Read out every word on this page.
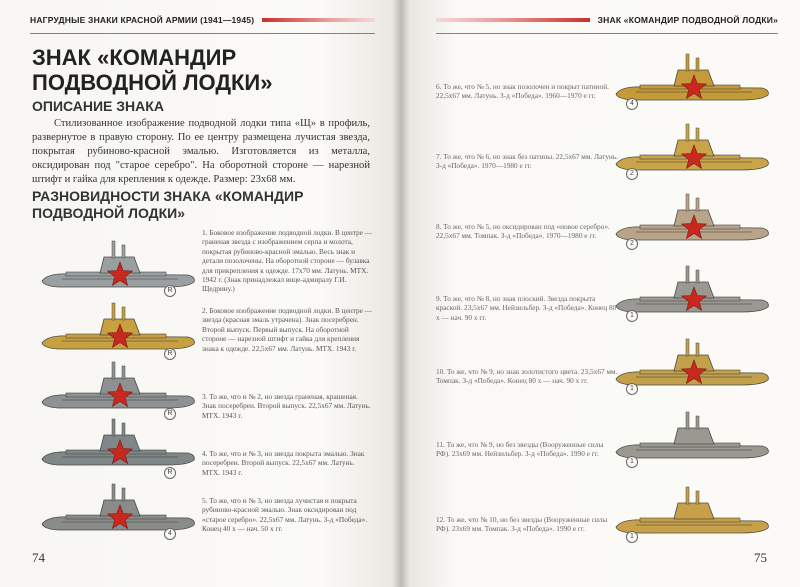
НАГРУДНЫЕ ЗНАКИ КРАСНОЙ АРМИИ (1941—1945)
ЗНАК «КОМАНДИР
ПОДВОДНОЙ ЛОДКИ»
ОПИСАНИЕ ЗНАКА
Стилизованное изображение подводной лодки типа «Щ» в профиль, развернутое в правую сторону. По ее центру размещена лучистая звезда, покрытая рубиново-красной эмалью. Изготовляется из металла, оксидирован под "старое серебро". На оборотной стороне — нарезной штифт и гайка для крепления к одежде. Размер: 23x68 мм.
РАЗНОВИДНОСТИ ЗНАКА «КОМАНДИР
ПОДВОДНОЙ ЛОДКИ»
R
1. Боковое изображение подводной лодки. В центре — граненая звезда с изображением серпа и молота, покрытая рубиново-красной эмалью. Весь знак и детали позолочены. На оборотной стороне — булавка для прикрепления к одежде. 17x70 мм. Латунь. МТХ. 1942 г. (Знак принадлежал вице-адмиралу Г.И. Щедрину.)
R
2. Боковое изображение подводной лодки. В центре — звезда (красная эмаль утрачена). Знак посеребрен. Второй выпуск. Первый выпуск. На оборотной стороне — нарезной штифт и гайка для крепления знака к одежде. 22,5x67 мм. Латунь. МТХ. 1943 г.
R
3. То же, что и № 2, но звезда граненая, крашеная. Знак посеребрен. Второй выпуск. 22,5x67 мм. Латунь. МТХ. 1943 г.
R
4. То же, что и № 3, но звезда покрыта эмалью. Знак посеребрен. Второй выпуск. 22,5x67 мм. Латунь. МТХ. 1943 г.
4
5. То же, что и № 3, но звезда лучистая и покрыта рубиново-красной эмалью. Знак оксидирован под «старое серебро». 22,5x67 мм. Латунь. З-д «Победа». Конец 40 х — нач. 50 х гг.
74
ЗНАК «КОМАНДИР ПОДВОДНОЙ ЛОДКИ»
4
6. То же, что № 5, но знак позолочен и покрыт патиной. 22,5x67 мм. Латунь. З-д «Победа». 1960—1970 е гг.
2
7. То же, что № 6, но знак без патины. 22,5x67 мм. Латунь. З-д «Победа». 1970—1980 е гг.
2
8. То же, что № 5, но оксидирован под «новое серебро». 22,5x67 мм. Томпак. З-д «Победа». 1970—1980 е гг.
1
9. То же, что № 8, но знак плоский. Звезда покрыта краской. 23,5x67 мм. Нейзильбер. З-д «Победа». Конец 80 х — нач. 90 х гг.
1
10. То же, что № 9, но знак золотистого цвета. 23,5x67 мм. Томпак. З-д «Победа». Конец 80 х — нач. 90 х гг.
1
11. То же, что № 9, но без звезды (Вооруженные силы РФ). 23x69 мм. Нейзильбер. З-д «Победа». 1990 е гг.
1
12. То же, что № 10, но без звезды (Вооруженные силы РФ). 23x69 мм. Томпак. З-д «Победа». 1990 е гг.
75
